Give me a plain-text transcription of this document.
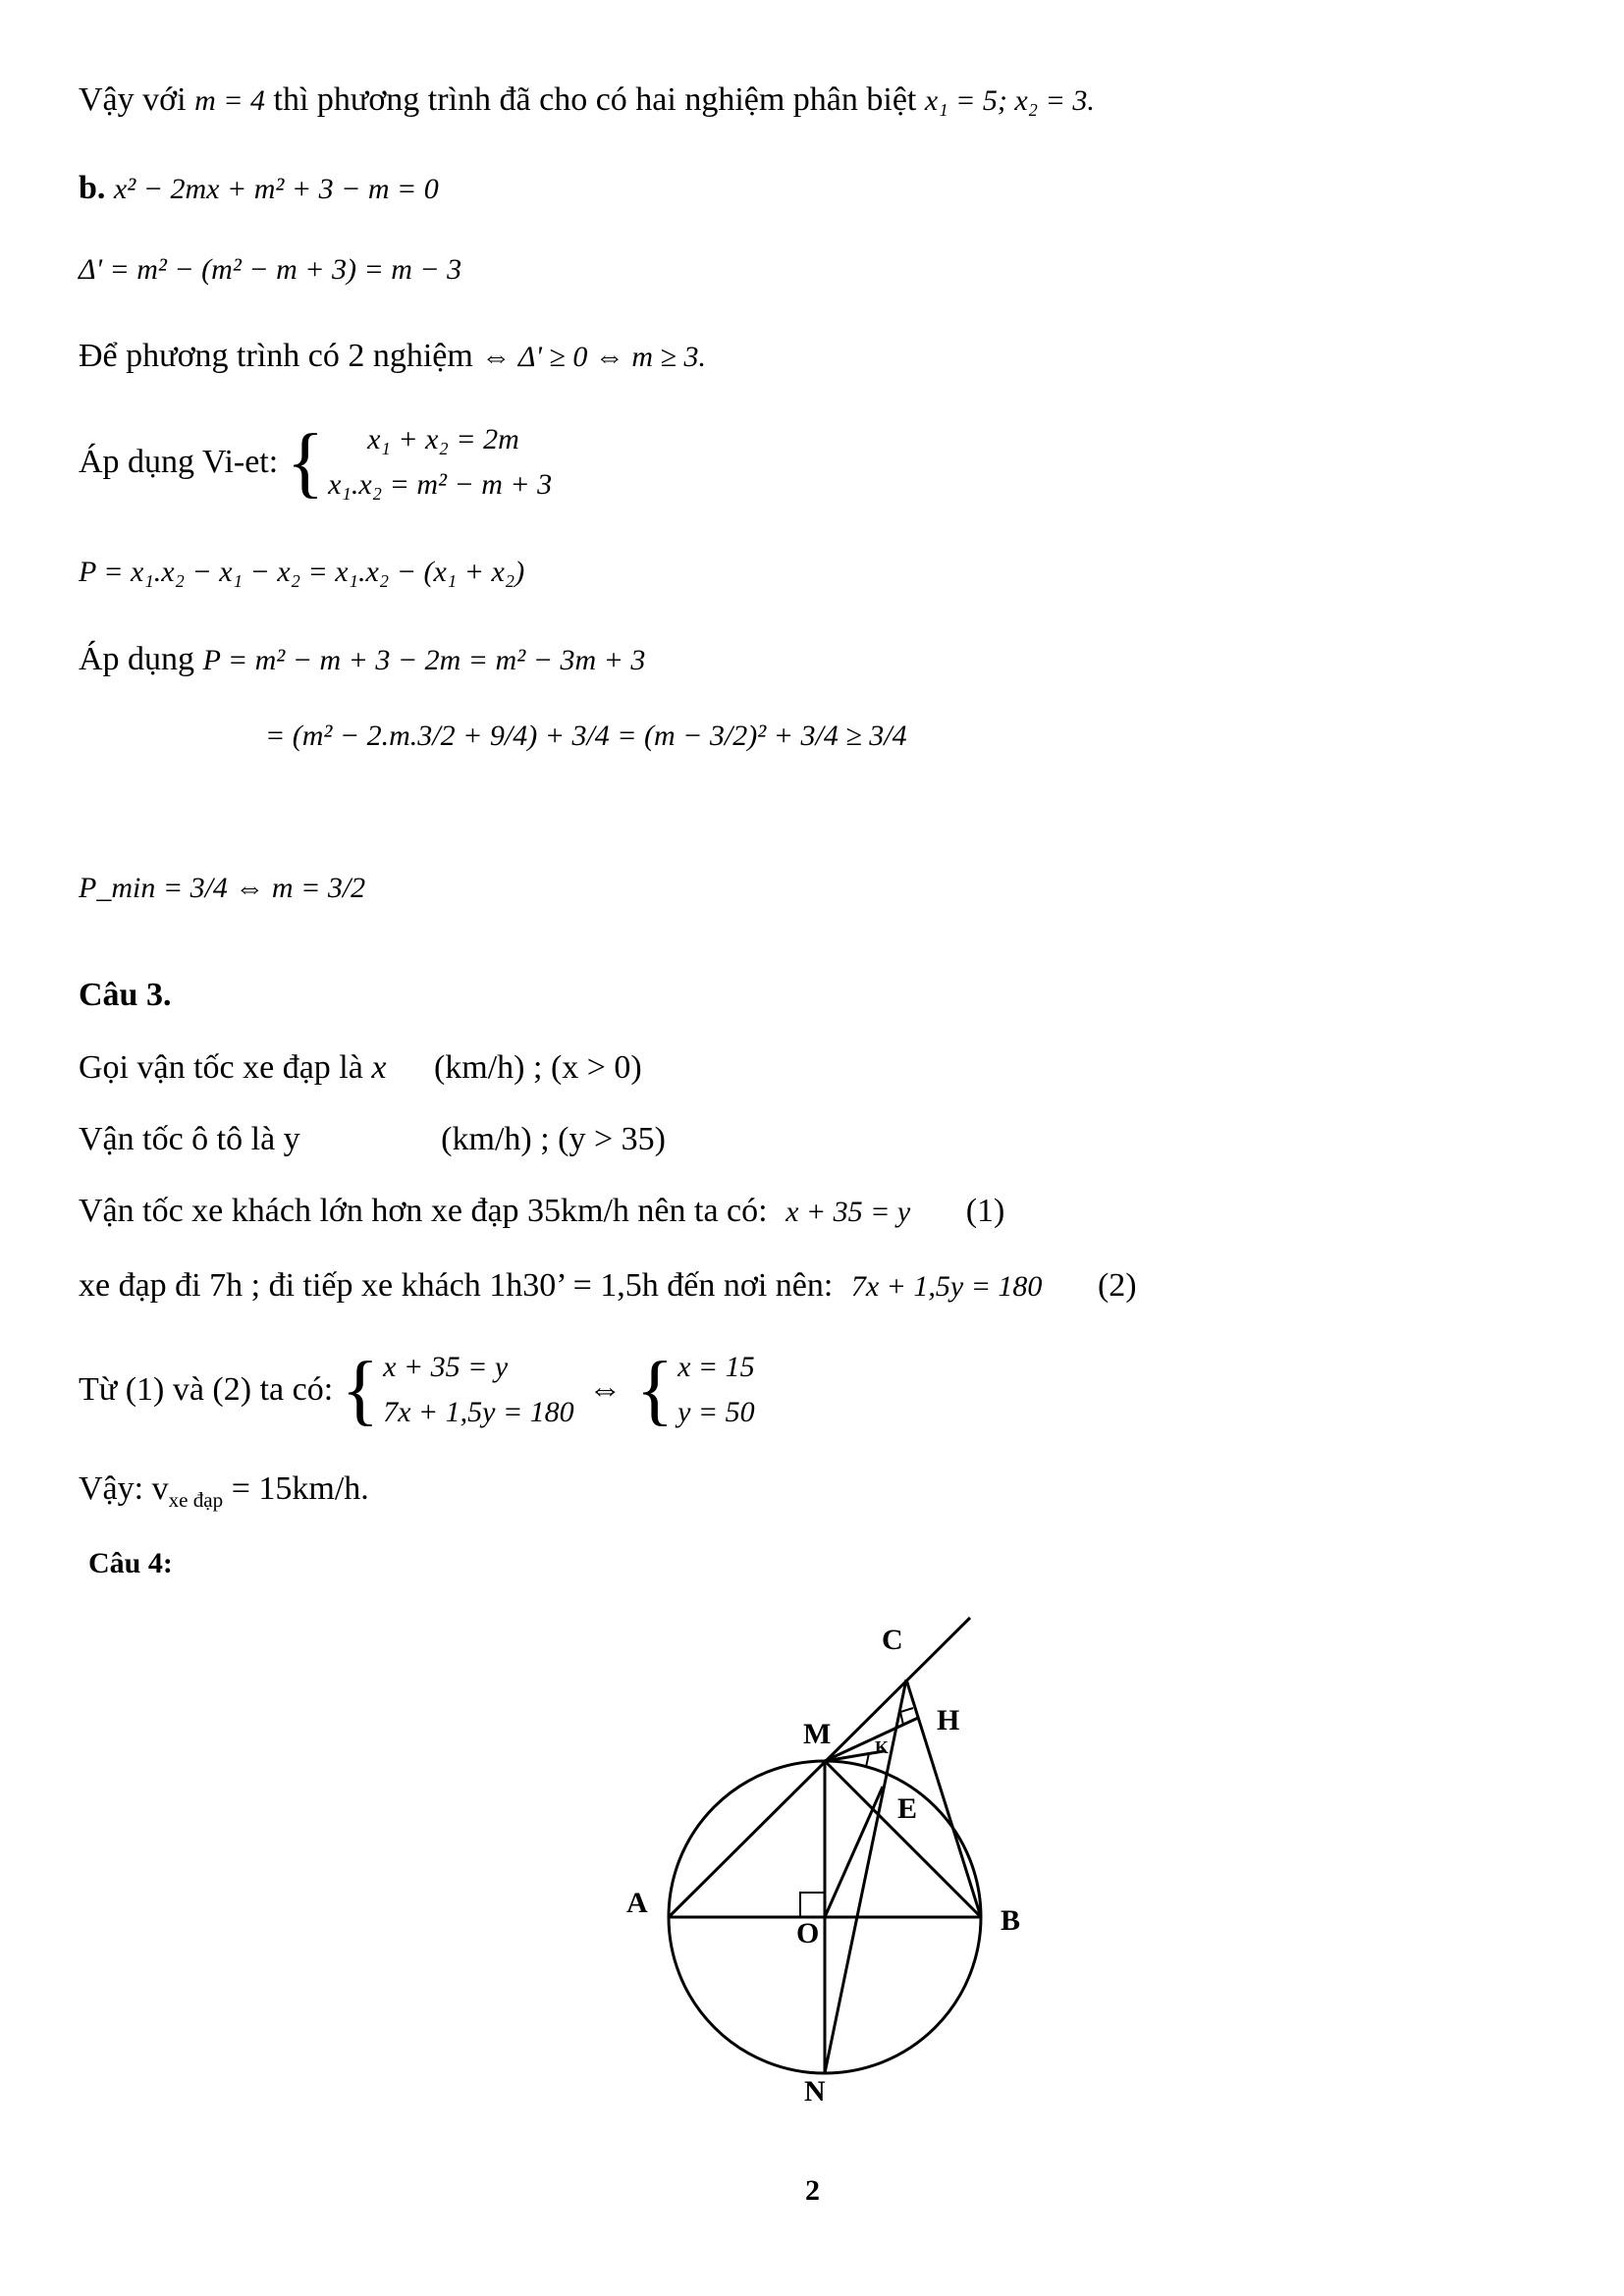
Vậy với m = 4 thì phương trình đã cho có hai nghiệm phân biệt x₁ = 5; x₂ = 3.
b. x² − 2mx + m² + 3 − m = 0
Δ' = m² − (m² − m + 3) = m − 3
Để phương trình có 2 nghiệm ⇔ Δ' ≥ 0 ⇔ m ≥ 3.
Áp dụng Vi-et: {	x₁ + x₂ = 2m
x₁.x₂ = m² − m + 3
P = x₁.x₂ − x₁ − x₂ = x₁.x₂ − (x₁ + x₂)
Áp dụng P = m² − m + 3 − 2m = m² − 3m + 3
= (m² − 2.m.3/2 + 9/4) + 3/4 = (m − 3/2)² + 3/4 ≥ 3/4
P_min = 3/4 ⇔ m = 3/2
Câu 3.
Gọi vận tốc xe đạp là x (km/h) ; (x > 0)
Vận tốc ô tô là y	(km/h) ; (y > 35)
Vận tốc xe khách lớn hơn xe đạp 35km/h nên ta có: x + 35 = y (1)
xe đạp đi 7h ; đi tiếp xe khách 1h30’ = 1,5h đến nơi nên: 7x + 1,5y = 180 (2)
Từ (1) và (2) ta có: { x + 35 = y
7x + 1,5y = 180
⇔ { x = 15
y = 50
Vậy: $v_{xe đạp} = 15km/h$.
Câu 4:
C
M	H
K
E
A
B
O
N
2
